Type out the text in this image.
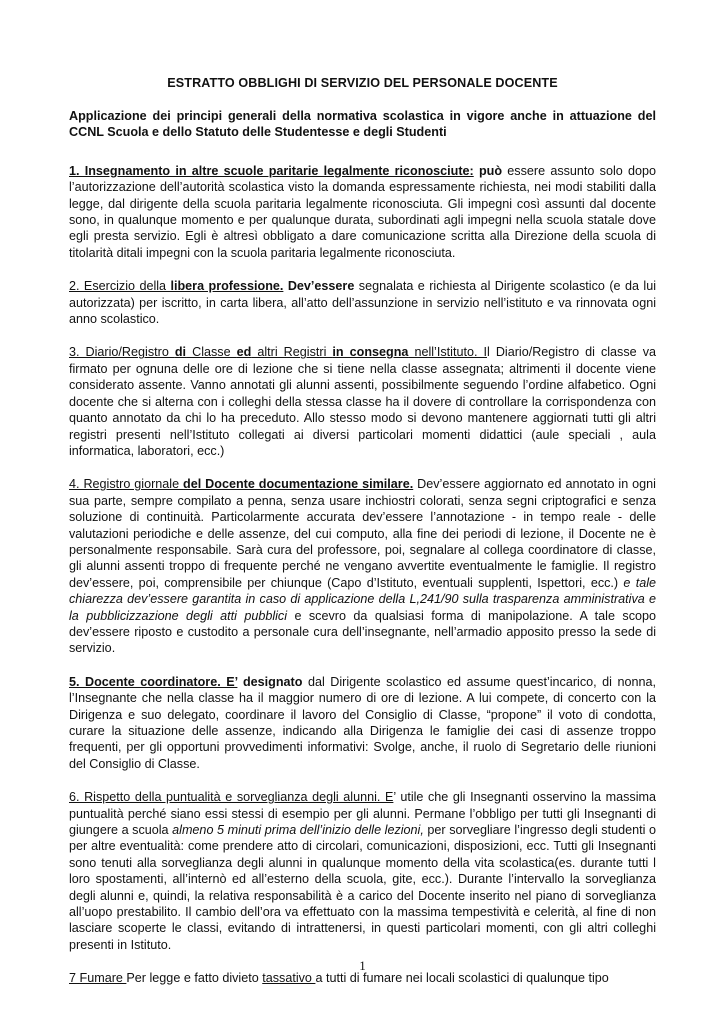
ESTRATTO OBBLIGHI DI SERVIZIO DEL PERSONALE DOCENTE
Applicazione dei principi generali della normativa scolastica in vigore anche in attuazione del CCNL Scuola e dello Statuto delle Studentesse e degli Studenti

1. Insegnamento in altre scuole paritarie legalmente riconosciute: può essere assunto solo dopo l’autorizzazione dell’autorità scolastica visto la domanda espressamente richiesta, nei modi stabiliti dalla legge, dal dirigente della scuola paritaria legalmente riconosciuta. Gli impegni così assunti dal docente sono, in qualunque momento e per qualunque durata, subordinati agli impegni nella scuola statale dove egli presta servizio. Egli è altresì obbligato a dare comunicazione scritta alla Direzione della scuola di titolarità ditali impegni con la scuola paritaria legalmente riconosciuta.

2. Esercizio della libera professione. Dev’essere segnalata e richiesta al Dirigente scolastico (e da lui autorizzata) per iscritto, in carta libera, all’atto dell’assunzione in servizio nell’istituto e va rinnovata ogni anno scolastico.

3. Diario/Registro di Classe ed altri Registri in consegna nell’Istituto. Il Diario/Registro di classe va firmato per ognuna delle ore di lezione che si tiene nella classe assegnata; altrimenti il docente viene considerato assente. Vanno annotati gli alunni assenti, possibilmente seguendo l’ordine alfabetico. Ogni docente che si alterna con i colleghi della stessa classe ha il dovere di controllare la corrispondenza con quanto annotato da chi lo ha preceduto. Allo stesso modo si devono mantenere aggiornati tutti gli altri registri presenti nell’Istituto collegati ai diversi particolari momenti didattici (aule speciali , aula informatica, laboratori, ecc.)

4. Registro giornale del Docente documentazione similare. Dev’essere aggiornato ed annotato in ogni sua parte, sempre compilato a penna, senza usare inchiostri colorati, senza segni criptografici e senza soluzione di continuità. Particolarmente accurata dev’essere l’annotazione - in tempo reale - delle valutazioni periodiche e delle assenze, del cui computo, alla fine dei periodi di lezione, il Docente ne è personalmente responsabile. Sarà cura del professore, poi, segnalare al collega coordinatore di classe, gli alunni assenti troppo di frequente perché ne vengano avvertite eventualmente le famiglie. Il registro dev’essere, poi, comprensibile per chiunque (Capo d’Istituto, eventuali supplenti, Ispettori, ecc.) e tale chiarezza dev’essere garantita in caso di applicazione della L,241/90 sulla trasparenza amministrativa e la pubblicizzazione degli atti pubblici e scevro da qualsiasi forma di manipolazione. A tale scopo dev’essere riposto e custodito a personale cura dell’insegnante, nell’armadio apposito presso la sede di servizio.

5. Docente coordinatore. E’ designato dal Dirigente scolastico ed assume quest’incarico, di nonna, l’Insegnante che nella classe ha il maggior numero di ore di lezione. A lui compete, di concerto con la Dirigenza e suo delegato, coordinare il lavoro del Consiglio di Classe, “propone” il voto di condotta, curare la situazione delle assenze, indicando alla Dirigenza le famiglie dei casi di assenze troppo frequenti, per gli opportuni provvedimenti informativi: Svolge, anche, il ruolo di Segretario delle riunioni del Consiglio di Classe.

6. Rispetto della puntualità e sorveglianza degli alunni. E’ utile che gli Insegnanti osservino la massima puntualità perché siano essi stessi di esempio per gli alunni. Permane l’obbligo per tutti gli Insegnanti di giungere a scuola almeno 5 minuti prima dell’inizio delle lezioni, per sorvegliare l’ingresso degli studenti o per altre eventualità: come prendere atto di circolari, comunicazioni, disposizioni, ecc. Tutti gli Insegnanti sono tenuti alla sorveglianza degli alunni in qualunque momento della vita scolastica(es. durante tutti l loro spostamenti, all’internò ed all’esterno della scuola, gite, ecc.). Durante l’intervallo la sorveglianza degli alunni e, quindi, la relativa responsabilità è a carico del Docente inserito nel piano di sorveglianza all’uopo prestabilito. Il cambio dell’ora va effettuato con la massima tempestività e celerità, al fine di non lasciare scoperte le classi, evitando di intrattenersi, in questi particolari momenti, con gli altri colleghi presenti in Istituto.

7 Fumare Per legge e fatto divieto tassativo a tutti di fumare nei locali scolastici di qualunque tipo

1
